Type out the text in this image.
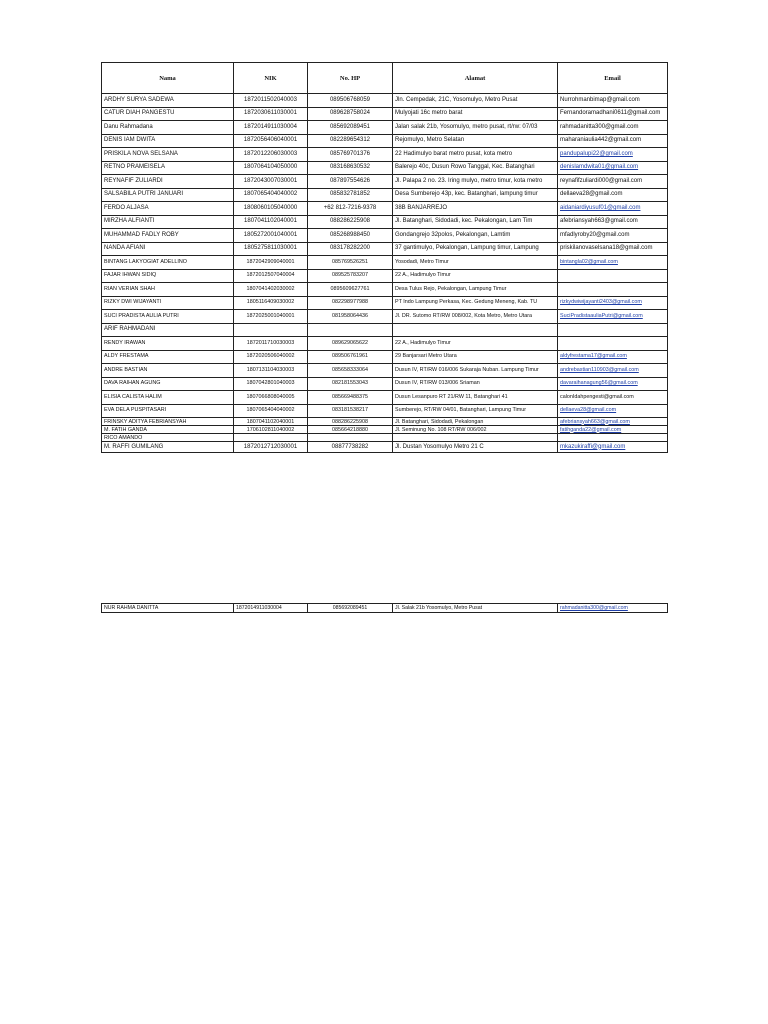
Nama	NIK	No. HP	Alamat	Email
ARDHY SURYA SADEWA	1872011502040003	089506768059	Jln. Cempedak, 21C, Yosomulyo, Metro Pusat	Nurrohmanbimap@gmail.com
CATUR DIAH PANGESTU	1872030611030001	089628758024	Mulyojati 16c metro barat	Fernandoramadhani0611@gmail.com
Danu Rahmadana	1872014911030004	085692089451	Jalan salak 21b, Yosomulyo, metro pusat, rt/rw: 07/03	rahmadanitta300@gmail.com
DENIS IAM DWITA	1872056406040001	082289654312	Rejomulyo, Metro Selatan	maharaniaulia442@gmail.com
PRISKILA NOVA SELSANA	1872012206030003	085769701376	22 Hadimulyo barat metro pusat, kota metro	pandupalupi22@gmail.com
RETNO PRAMEISELA	1807064104050000	083168630532	Balerejo 40c, Dusun Rowo Tanggal, Kec. Batanghari	denislamdwita01@gmail.com
REYNAFIF ZULIARDI	1872043007030001	087897554626	Jl. Palapa 2 no. 23. Iring mulyo, metro timur, kota metro	reynafifzuliardi000@gmail.com
SALSABILA PUTRI JANUARI	1807065404040002	085832781852	Desa Sumberejo 43p, kec. Batanghari, lampung timur	dellaeva28@gmail.com
FERDO ALJASA	1808060105040000	+62 812-7216-9378	38B BANJARREJO	aidaniardiyusuf01@gmail.com
MIRZHA ALFIANTI	1807041102040001	088286225908	Jl. Batanghari, Sidodadi, kec. Pekalongan, Lam Tim	afebriansyah663@gmail.com
MUHAMMAD FADLY ROBY	1805272001040001	085268988450	Gondangrejo 32polos, Pekalongan, Lamtim	mfadlyroby20@gmail.com
NANDA AFIANI	1805275811030001	083178282200	37 gantimulyo, Pekalongan, Lampung timur, Lampung	priskilanovaselsana18@gmail.com
BINTANG LAKYOGIAT ADELLINO	1872042909040001	085769526251	Yosodadi, Metro Timur	bintangla02@gmail.com
FAJAR IHWAN SIDIQ	1872012507040004	089525783207	22 A., Hadimulyo Timur	
RIAN VERIAN SHAH	1807041402030002	0895609627761	Desa Tulus Rejo, Pekalongan, Lampung Timur	
RIZKY DWI WIJAYANTI	1805116409030002	082298977988	PT Indo Lampung Perkasa, Kec. Gedung Meneng, Kab. TU	rizkydwiwijayanti2403@gmail.com
SUCI PRADISTA AULIA PUTRI	1872025001040001	081958064436	Jl. DR. Sutomo RT/RW 008/002, Kota Metro, Metro Utara	SuciPradistaauliaPutri@gmail.com
ARIF RAHMADANI				
RENDY IRAWAN	1872011710030003	089629065622	22 A., Hadimulyo Timur	
ALDY FRESTAMA	1872020506040002	089506761961	29 Banjarsari Metro Utara	aldyfrestama17@gmail.com
ANDRE BASTIAN	1807131104030003	085658333064	Dusun IV, RT/RW 016/006 Sukaraja Nuban. Lampung Timur	andrebastian110903@gmail.com
DAVA RAIHAN AGUNG	1807042801040003	082181553043	Dusun IV, RT/RW 013/006 Sriaman	davaraihanagung56@gmail.com
ELISIA CALISTA HALIM	1807066808040005	085669488375	Dusun Lesanpuro RT 21/RW 11, Batanghari 41	calonIdahpengesti@gmail.com
EVA DELA PUSPITASARI	1807065404040002	083181538217	Sumberejo, RT/RW 04/01, Batanghari, Lampung Timur	dellaeva28@gmail.com
FRINSKY ADITYA FEBRIANSYAH	1807041102040001	088286225908	Jl. Batanghari, Sidodadi, Pekalongan	afebriansyah663@gmail.com
M. FATIH GANDA	1706102811040002	085664218880	Jl. Seminung No. 108 RT/RW 006/002	fatihganda22@gmail.com
RICO AMANDO				
M. RAFFI GUMILANG	1872012712030001	08877738282	Jl. Dustan Yosomulyo Metro 21 C	mkazukiraffi@gmail.com
NUR RAHMA DANITTA	1872014911030004	085692089451	Jl. Salak 21b Yosomulyo, Metro Pusat	rahmadanitta300@gmail.com
